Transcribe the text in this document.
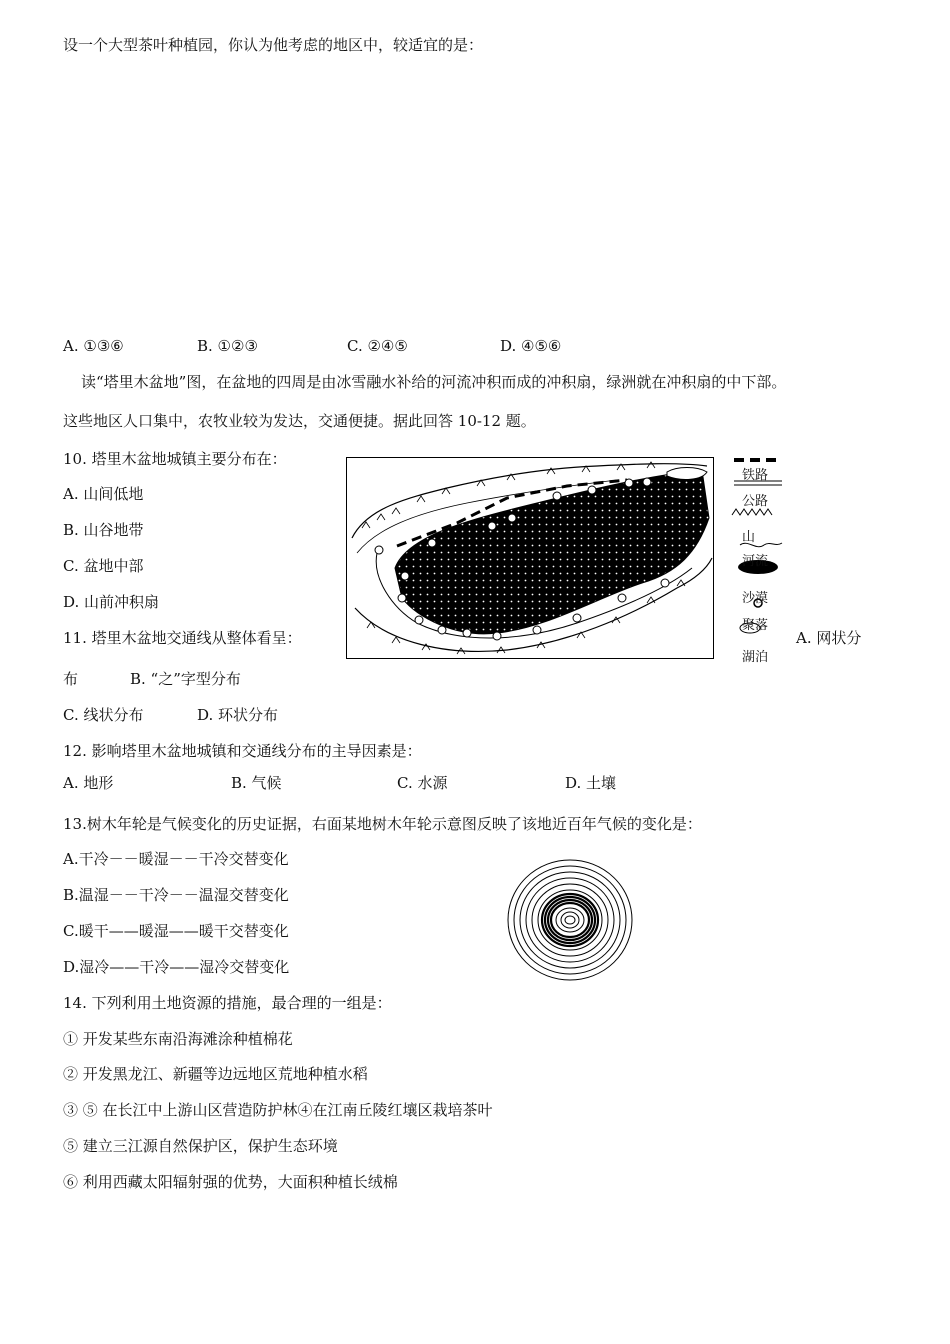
设一个大型茶叶种植园，你认为他考虑的地区中，较适宜的是：
A. ①③⑥	B. ①②③	C. ②④⑤	D. ④⑤⑥
读“塔里木盆地”图，在盆地的四周是由冰雪融水补给的河流冲积而成的冲积扇，绿洲就在冲积扇的中下部。
这些地区人口集中，农牧业较为发达，交通便捷。据此回答 10-12 题。
10. 塔里木盆地城镇主要分布在：
A. 山间低地
B. 山谷地带
C. 盆地中部
D. 山前冲积扇
11. 塔里木盆地交通线从整体看呈：	A. 网状分
布	B. “之”字型分布
C. 线状分布	D. 环状分布
铁路
公路
山
河流
沙漠
聚落
湖泊
12. 影响塔里木盆地城镇和交通线分布的主导因素是：
A. 地形	B. 气候	C. 水源	D. 土壤
13.树木年轮是气候变化的历史证据，右面某地树木年轮示意图反映了该地近百年气候的变化是：
A.干冷－－暖湿－－干冷交替变化
B.温湿－－干冷－－温湿交替变化
C.暖干——暖湿——暖干交替变化
D.湿冷——干冷——湿冷交替变化
14. 下列利用土地资源的措施，最合理的一组是：
① 开发某些东南沿海滩涂种植棉花
② 开发黑龙江、新疆等边远地区荒地种植水稻
③ ⑤ 在长江中上游山区营造防护林④在江南丘陵红壤区栽培茶叶
⑤ 建立三江源自然保护区，保护生态环境
⑥ 利用西藏太阳辐射强的优势，大面积种植长绒棉
